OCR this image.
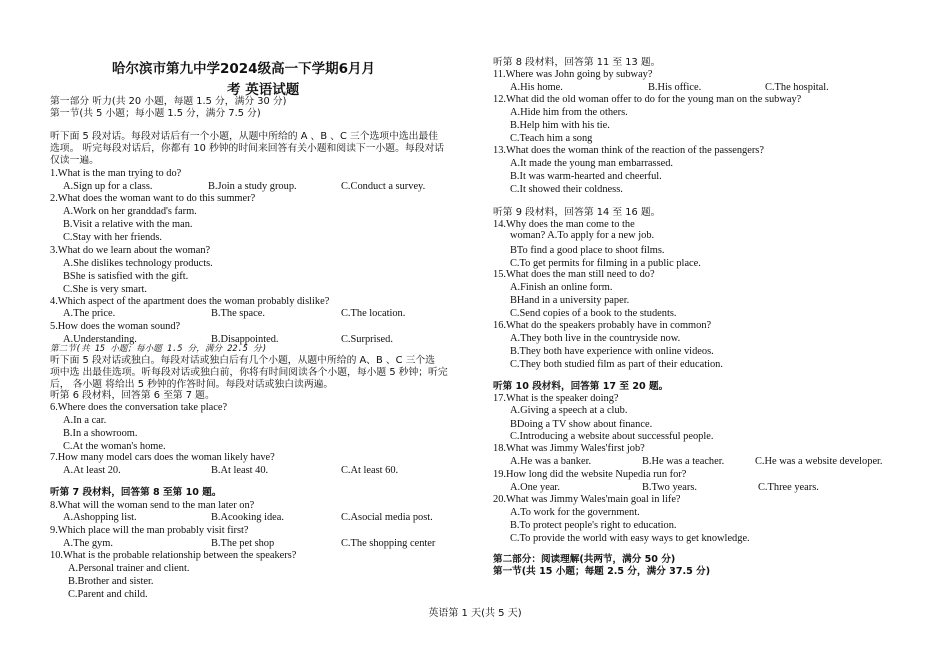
哈尔滨市第九中学2024级高一下学期6月月
考 英语试题
第一部分 听力(共 20 小题，每题 1.5 分，满分 30 分)
第一节(共 5 小题；每小题 1.5 分，满分 7.5 分)
听下面 5 段对话。每段对话后有一个小题，从题中所给的 A 、B 、C 三个选项中选出最佳
选项。 听完每段对话后，你都有 10 秒钟的时间来回答有关小题和阅读下一小题。每段对话
仅读一遍。
1.What is the man trying to do?
A.Sign up for a class.	B.Join a study group.	C.Conduct a survey.
2.What does the woman want to do this summer?
A.Work on her granddad's farm.
B.Visit a relative with the man.
C.Stay with her friends.
3.What do we learn about the woman?
A.She dislikes technology products.
BShe is satisfied with the gift.
C.She is very smart.
4.Which aspect of the apartment does the woman probably dislike?
A.The price.	B.The space.	C.The location.
5.How does the woman sound?
A.Understanding.	B.Disappointed.	C.Surprised.
第二节(共 15 小题；每小题 1.5 分，满分 22.5 分)
听下面 5 段对话或独白。每段对话或独白后有几个小题，从题中所给的 A、B 、C 三个选
项中选 出最佳选项。听每段对话或独白前，你将有时间阅读各个小题，每小题 5 秒钟；听完
后， 各小题 将给出 5 秒钟的作答时间。每段对话或独白读两遍。
听第 6 段材料，回答第 6 至第 7 题。
6.Where does the conversation take place?
A.In a car.
B.In a showroom.
C.At the woman's home.
7.How many model cars does the woman likely have?
A.At least 20.	B.At least 40.	C.At least 60.
听第 7 段材料，回答第 8 至第 10 题。
8.What will the woman send to the man later on?
A.Ashopping list.	B.Acooking idea.	C.Asocial media post.
9.Which place will the man probably visit first?
A.The gym.	B.The pet shop	C.The shopping center
10.What is the probable relationship between the speakers?
A.Personal trainer and client.
B.Brother and sister.
C.Parent and child.
听第 8 段材料，回答第 11 至 13 题。
11.Where was John going by subway?
A.His home.	B.His office.	C.The hospital.
12.What did the old woman offer to do for the young man on the subway?
A.Hide him from the others.
B.Help him with his tie.
C.Teach him a song
13.What does the woman think of the reaction of the passengers?
A.It made the young man embarrassed.
B.It was warm-hearted and cheerful.
C.It showed their coldness.
听第 9 段材料，回答第 14 至 16 题。
14.Why does the man come to the
woman? A.To apply for a new job.
BTo find a good place to shoot films.
C.To get permits for filming in a public place.
15.What does the man still need to do?
A.Finish an online form.
BHand in a university paper.
C.Send copies of a book to the students.
16.What do the speakers probably have in common?
A.They both live in the countryside now.
B.They both have experience with online videos.
C.They both studied film as part of their education.
听第 10 段材料，回答第 17 至 20 题。
17.What is the speaker doing?
A.Giving a speech at a club.
BDoing a TV show about finance.
C.Introducing a website about successful people.
18.What was Jimmy Wales'first job?
A.He was a banker.	B.He was a teacher.	C.He was a website developer.
19.How long did the website Nupedia run for?
A.One year.	B.Two years.	C.Three years.
20.What was Jimmy Wales'main goal in life?
A.To work for the government.
B.To protect people's right to education.
C.To provide the world with easy ways to get knowledge.
第二部分：阅读理解(共两节，满分 50 分)
第一节(共 15 小题；每题 2.5 分，满分 37.5 分)
英语第 1 天(共 5 天)
